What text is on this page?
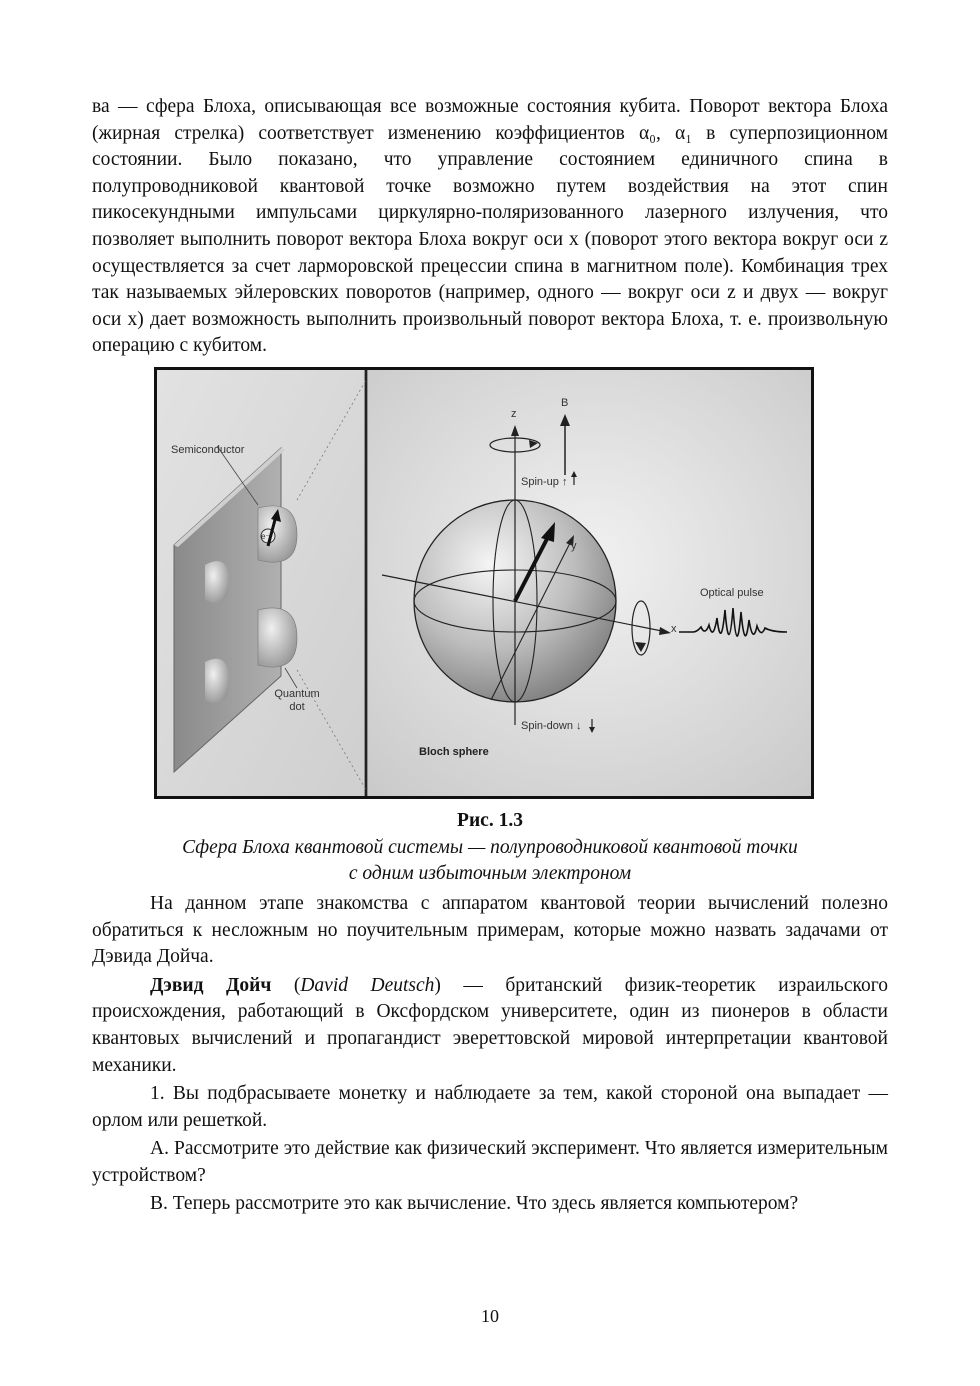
ва — сфера Блоха, описывающая все возможные состояния кубита. Поворот вектора Блоха (жирная стрелка) соответствует изменению коэффициентов α₀, α₁ в суперпозиционном состоянии. Было показано, что управление состоянием единичного спина в полупроводниковой квантовой точке возможно путем воздействия на этот спин пикосекундными импульсами циркулярно-поляризованного лазерного излучения, что позволяет выполнить поворот вектора Блоха вокруг оси x (поворот этого вектора вокруг оси z осуществляется за счет ларморовской прецессии спина в магнитном поле). Комбинация трех так называемых эйлеровских поворотов (например, одного — вокруг оси z и двух — вокруг оси x) дает возможность выполнить произвольный поворот вектора Блоха, т. е. произвольную операцию с кубитом.

Semiconductor
e⁻
Quantum dot
Bloch sphere
z
B
y
x
Spin-up ↑
Spin-down ↓
Optical pulse
Рис. 1.3
Сфера Блоха квантовой системы — полупроводниковой квантовой точки
с одним избыточным электроном

На данном этапе знакомства с аппаратом квантовой теории вычислений полезно обратиться к несложным но поучительным примерам, которые можно назвать задачами от Дэвида Дойча.

Дэвид Дойч (David Deutsch) — британский физик-теоретик израильского происхождения, работающий в Оксфордском университете, один из пионеров в области квантовых вычислений и пропагандист эвереттовской мировой интерпретации квантовой механики.

1. Вы подбрасываете монетку и наблюдаете за тем, какой стороной она выпадает — орлом или решеткой.

А. Рассмотрите это действие как физический эксперимент. Что является измерительным устройством?

В. Теперь рассмотрите это как вычисление. Что здесь является компьютером?

10
